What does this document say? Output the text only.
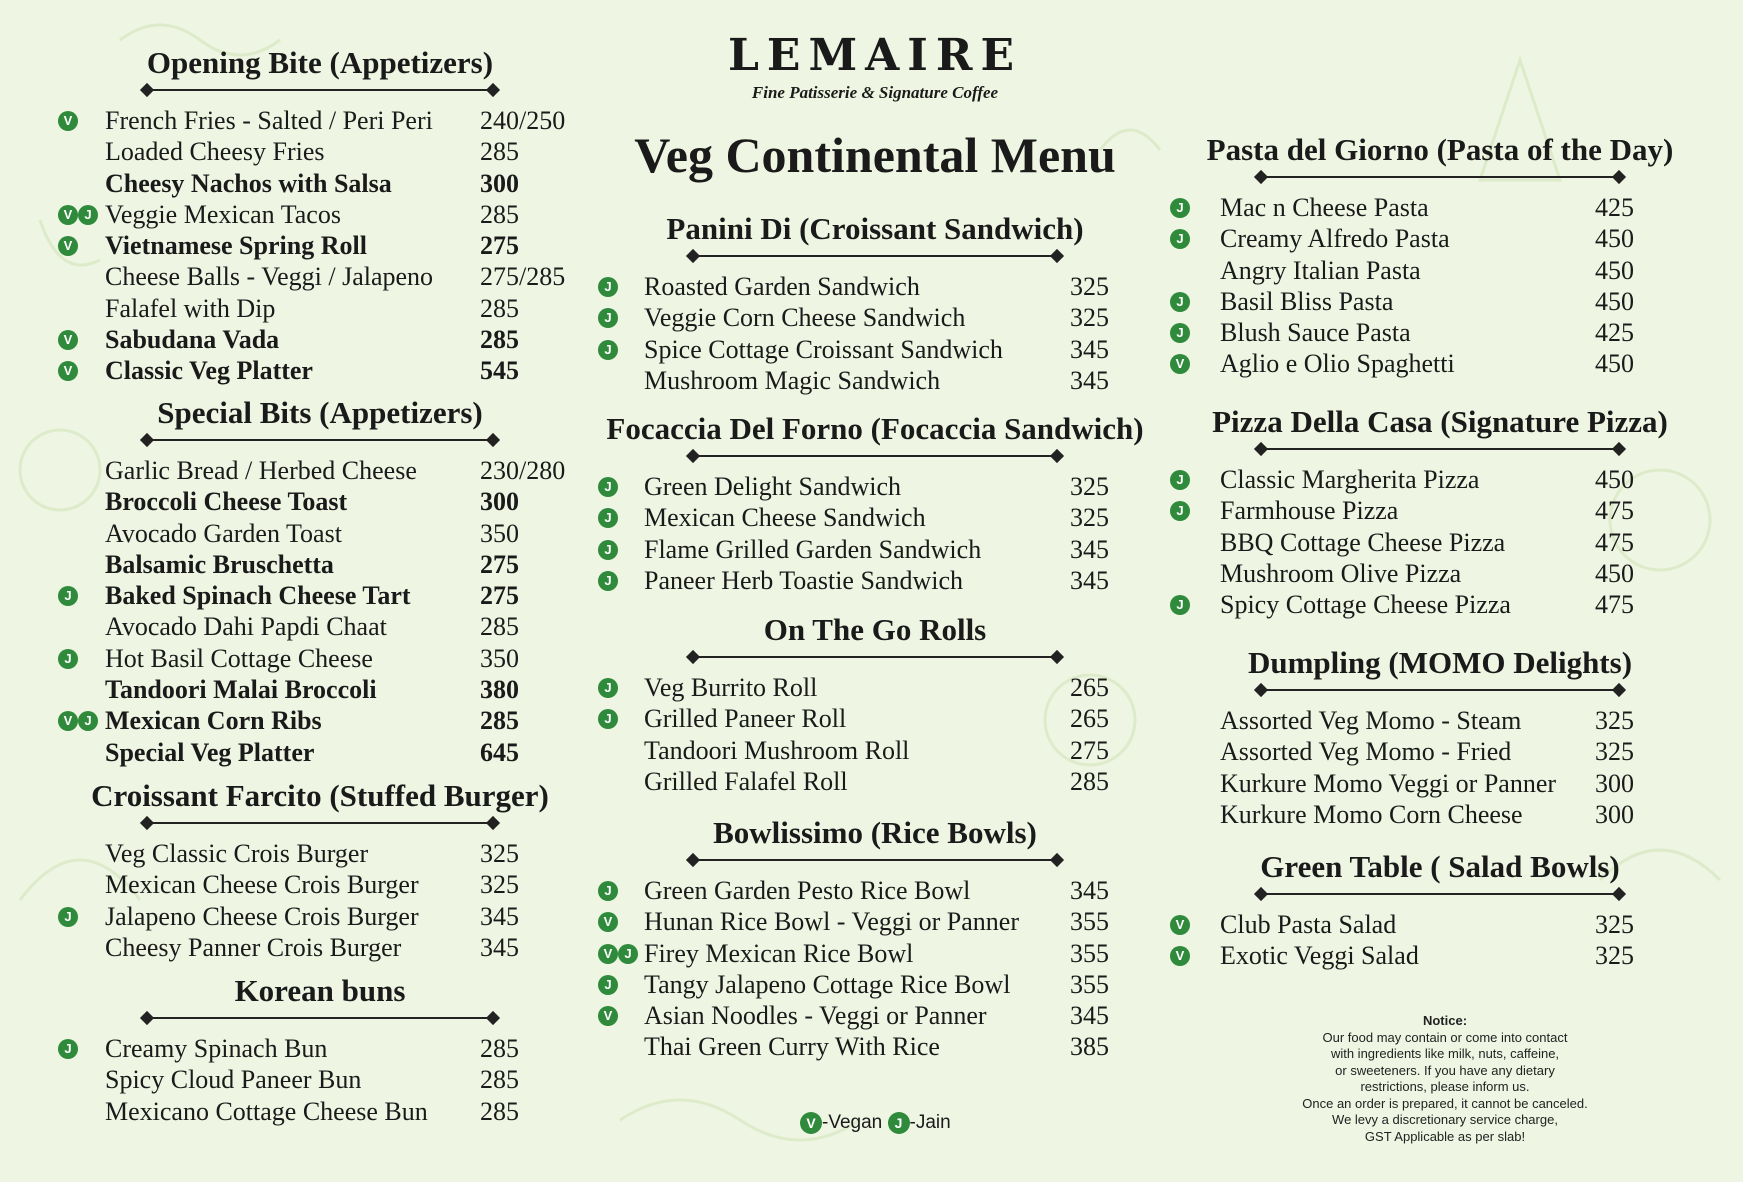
Opening Bite (Appetizers)
V French Fries - Salted / Peri Peri 240/250
Loaded Cheesy Fries	285
Cheesy Nachos with Salsa	300
V J Veggie Mexican Tacos	285
V Vietnamese Spring Roll	275
Cheese Balls - Veggi / Jalapeno 275/285
Falafel with Dip	285
V Sabudana Vada	285
V Classic Veg Platter	545
Special Bits (Appetizers)
Garlic Bread / Herbed Cheese 230/280
Broccoli Cheese Toast	300
Avocado Garden Toast	350
Balsamic Bruschetta	275
J Baked Spinach Cheese Tart	275
Avocado Dahi Papdi Chaat	285
J Hot Basil Cottage Cheese	350
Tandoori Malai Broccoli	380
V J Mexican Corn Ribs	285
Special Veg Platter	645
Croissant Farcito (Stuffed Burger)
Veg Classic Crois Burger	325
Mexican Cheese Crois Burger 325
J Jalapeno Cheese Crois Burger 345
Cheesy Panner Crois Burger	345
Korean buns
J Creamy Spinach Bun	285
Spicy Cloud Paneer Bun	285
Mexicano Cottage Cheese Bun 285
LEMAIRE
Fine Patisserie & Signature Coffee
Veg Continental Menu
Panini Di (Croissant Sandwich)
J Roasted Garden Sandwich	325
J Veggie Corn Cheese Sandwich	325
J Spice Cottage Croissant Sandwich	345
Mushroom Magic Sandwich	345
Focaccia Del Forno (Focaccia Sandwich)
J Green Delight Sandwich	325
J Mexican Cheese Sandwich	325
J Flame Grilled Garden Sandwich	345
J Paneer Herb Toastie Sandwich	345
On The Go Rolls
J Veg Burrito Roll	265
J Grilled Paneer Roll	265
Tandoori Mushroom Roll	275
Grilled Falafel Roll	285
Bowlissimo (Rice Bowls)
J Green Garden Pesto Rice Bowl	345
V Hunan Rice Bowl - Veggi or Panner 355
V J Firey Mexican Rice Bowl	355
J Tangy Jalapeno Cottage Rice Bowl 355
V Asian Noodles - Veggi or Panner	345
Thai Green Curry With Rice	385
V -Vegan J -Jain
Pasta del Giorno (Pasta of the Day)
J Mac n Cheese Pasta	425
J Creamy Alfredo Pasta	450
Angry Italian Pasta	450
J Basil Bliss Pasta	450
J Blush Sauce Pasta	425
V Aglio e Olio Spaghetti	450
Pizza Della Casa (Signature Pizza)
J Classic Margherita Pizza	450
J Farmhouse Pizza	475
BBQ Cottage Cheese Pizza	475
Mushroom Olive Pizza	450
J Spicy Cottage Cheese Pizza	475
Dumpling (MOMO Delights)
Assorted Veg Momo - Steam	325
Assorted Veg Momo - Fried	325
Kurkure Momo Veggi or Panner 300
Kurkure Momo Corn Cheese	300
Green Table ( Salad Bowls)
V Club Pasta Salad	325
V Exotic Veggi Salad	325
Notice:
Our food may contain or come into contact
with ingredients like milk, nuts, caffeine,
or sweeteners. If you have any dietary
restrictions, please inform us.
Once an order is prepared, it cannot be canceled.
We levy a discretionary service charge,
GST Applicable as per slab!
